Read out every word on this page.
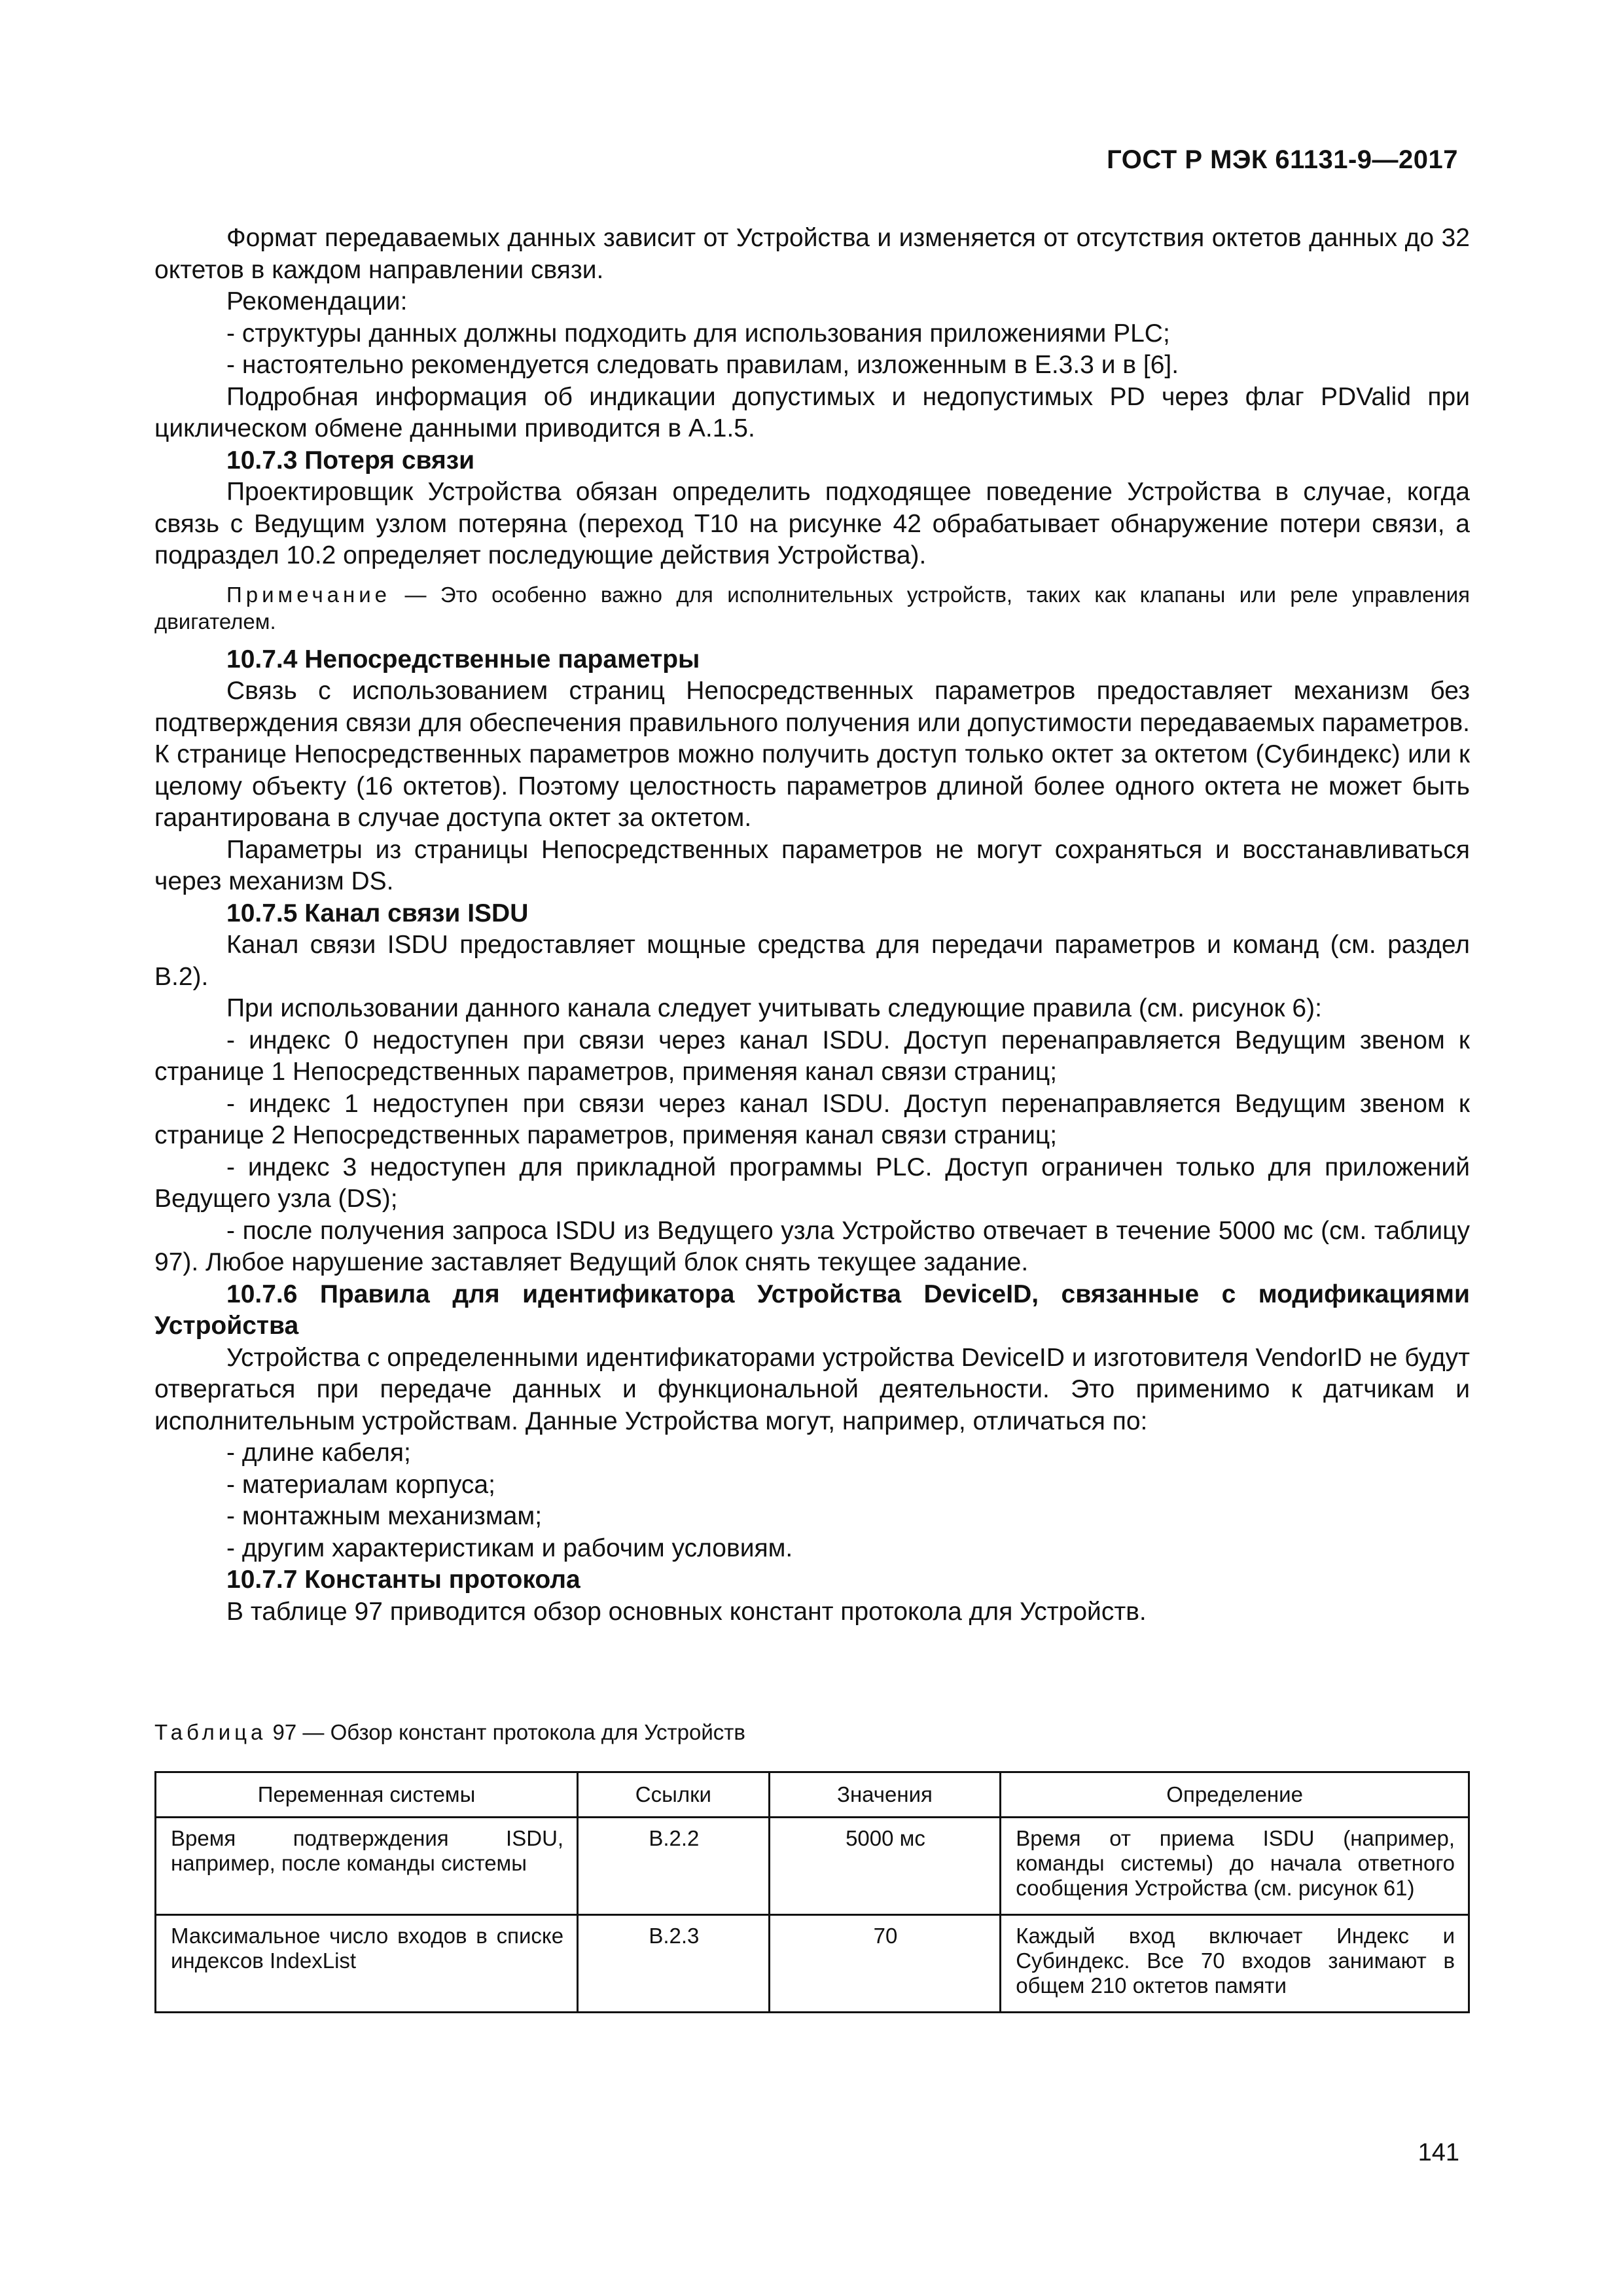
ГОСТ Р МЭК 61131-9—2017

Формат передаваемых данных зависит от Устройства и изменяется от отсутствия октетов данных до 32 октетов в каждом направлении связи.

Рекомендации:

- структуры данных должны подходить для использования приложениями PLC;

- настоятельно рекомендуется следовать правилам, изложенным в E.3.3 и в [6].

Подробная информация об индикации допустимых и недопустимых PD через флаг PDValid при циклическом обмене данными приводится в А.1.5.

10.7.3 Потеря связи

Проектировщик Устройства обязан определить подходящее поведение Устройства в случае, когда связь с Ведущим узлом потеряна (переход Т10 на рисунке 42 обрабатывает обнаружение потери связи, а подраздел 10.2 определяет последующие действия Устройства).

Примечание — Это особенно важно для исполнительных устройств, таких как клапаны или реле управления двигателем.

10.7.4 Непосредственные параметры

Связь с использованием страниц Непосредственных параметров предоставляет механизм без подтверждения связи для обеспечения правильного получения или допустимости передаваемых параметров. К странице Непосредственных параметров можно получить доступ только октет за октетом (Субиндекс) или к целому объекту (16 октетов). Поэтому целостность параметров длиной более одного октета не может быть гарантирована в случае доступа октет за октетом.

Параметры из страницы Непосредственных параметров не могут сохраняться и восстанавливаться через механизм DS.

10.7.5 Канал связи ISDU

Канал связи ISDU предоставляет мощные средства для передачи параметров и команд (см. раздел В.2).

При использовании данного канала следует учитывать следующие правила (см. рисунок 6):

- индекс 0 недоступен при связи через канал ISDU. Доступ перенаправляется Ведущим звеном к странице 1 Непосредственных параметров, применяя канал связи страниц;

- индекс 1 недоступен при связи через канал ISDU. Доступ перенаправляется Ведущим звеном к странице 2 Непосредственных параметров, применяя канал связи страниц;

- индекс 3 недоступен для прикладной программы PLC. Доступ ограничен только для приложений Ведущего узла (DS);

- после получения запроса ISDU из Ведущего узла Устройство отвечает в течение 5000 мс (см. таблицу 97). Любое нарушение заставляет Ведущий блок снять текущее задание.

10.7.6 Правила для идентификатора Устройства DeviceID, связанные с модификациями Устройства

Устройства с определенными идентификаторами устройства DeviceID и изготовителя VendorID не будут отвергаться при передаче данных и функциональной деятельности. Это применимо к датчикам и исполнительным устройствам. Данные Устройства могут, например, отличаться по:

- длине кабеля;

- материалам корпуса;

- монтажным механизмам;

- другим характеристикам и рабочим условиям.

10.7.7 Константы протокола

В таблице 97 приводится обзор основных констант протокола для Устройств.

Таблица 97 — Обзор констант протокола для Устройств
Переменная системы	Ссылки	Значения	Определение
Время подтверждения ISDU, например, после команды системы	В.2.2	5000 мс	Время от приема ISDU (например, команды системы) до начала ответного сообщения Устройства (см. рисунок 61)
Максимальное число входов в списке индексов IndexList	В.2.3	70	Каждый вход включает Индекс и Субиндекс. Все 70 входов занимают в общем 210 октетов памяти
141
